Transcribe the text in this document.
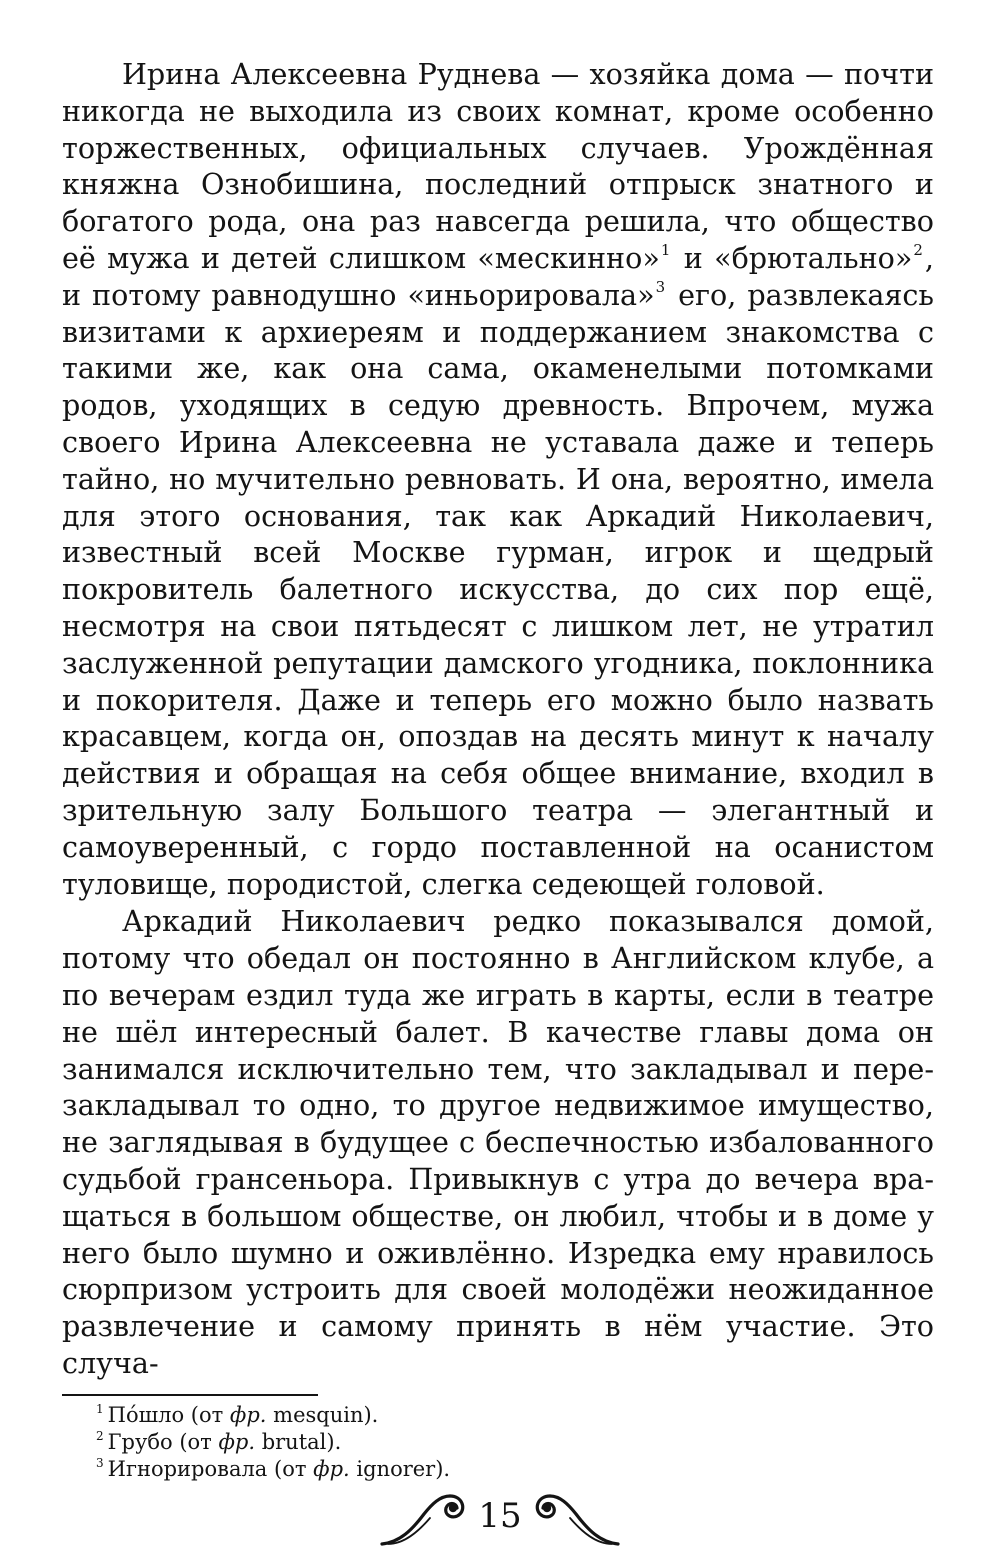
Ирина Алексеевна Руднева — хозяйка дома — почти никогда не выходила из своих комнат, кроме особенно торжественных, официальных случаев. Урождённая княжна Ознобишина, последний отпрыск знатного и богатого рода, она раз навсегда решила, что общество её мужа и детей слишком «мескинно»$^1$ и «брютально»$^2$, и потому равнодушно «иньорировала»$^3$ его, развлекаясь визитами к архиереям и поддержанием знакомства с такими же, как она сама, окаменелыми потомками родов, уходящих в седую древность. Впрочем, мужа своего Ирина Алексеевна не уставала даже и теперь тайно, но мучительно ревновать. И она, вероятно, имела для этого основания, так как Аркадий Николаевич, известный всей Москве гурман, игрок и щедрый покровитель балетного искусства, до сих пор ещё, несмотря на свои пятьдесят с лишком лет, не утратил заслуженной репутации дамского угодника, поклонника и покорителя. Даже и теперь его можно было назвать красавцем, когда он, опоздав на десять минут к началу действия и обращая на себя общее внимание, входил в зрительную залу Большого театра — элегантный и самоуверенный, с гордо поставленной на осанистом туловище, породистой, слегка седеющей головой.

Аркадий Николаевич редко показывался домой, потому что обедал он постоянно в Английском клубе, а по вечерам ездил туда же играть в карты, если в театре не шёл интересный балет. В качестве главы дома он занимался исключительно тем, что закладывал и перезакладывал то одно, то другое недвижимое имущество, не заглядывая в будущее с беспечностью избалованного судьбой грансеньора. Привыкнув с утра до вечера вращаться в большом обществе, он любил, чтобы и в доме у него было шумно и оживлённо. Изредка ему нравилось сюрпризом устроить для своей молодёжи неожиданное развлечение и самому принять в нём участие. Это случа-

$^1$ По́шло (от фр. mesquin).

$^2$ Грубо (от фр. brutal).

$^3$ Игнорировала (от фр. ignorer).

15
